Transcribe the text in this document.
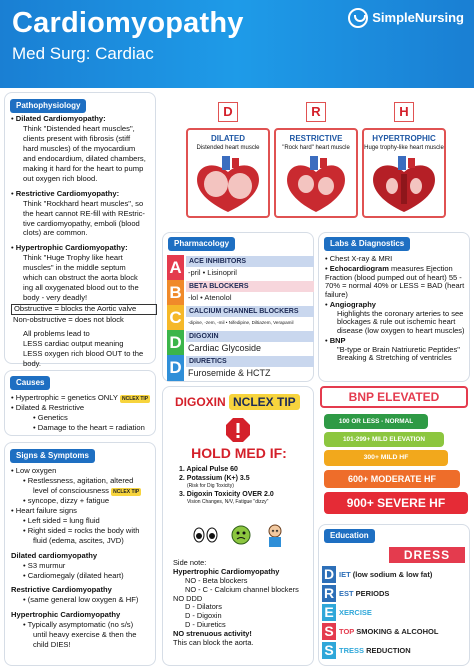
Cardiomyopathy
Med Surg: Cardiac
SimpleNursing
Pathophysiology
• Dilated Cardiomyopathy:
Think "Distended heart muscles",
clients present with fibrosis (stiff
hard muscles) of the myocardium
and endocardium, dilated chambers,
making it hard for the heart to pump
out oxygen rich blood.
• Restrictive Cardiomyopathy:
Think "Rockhard heart muscles", so
the heart cannot RE-fill with REstric-
tive cardiomyopathy, emboli (blood
clots) are common.
• Hypertrophic Cardiomyopathy:
Think "Huge Trophy like heart
muscles" in the middle septum
which can obstruct the aorta block
ing all oxygenated blood out to the
body - very deadly!
Obstructive = blocks the Aortic valve
Non-obstructive = does not block
All problems lead to
LESS cardiac output meaning
LESS oxygen rich blood OUT to the
body.
D	R	H
DILATED
Distended heart muscle
RESTRICTIVE
"Rock hard" heart muscle
HYPERTROPHIC
Huge trophy-like heart muscle
Causes
• Hypertrophic = genetics ONLY NCLEX TIP
• Dilated & Restrictive
• Genetics
• Damage to the heart = radiation
Signs & Symptoms
• Low oxygen
• Restlessness, agitation, altered
level of consciousness NCLEX TIP
• syncope, dizzy + fatigue
• Heart failure signs
• Left sided = lung fluid
• Right sided = rocks the body with
fluid (edema, ascites, JVD)
Dilated cardiomyopathy
• S3 murmur
• Cardiomegaly (dilated heart)
Restrictive Cardiomyopathy
• (same general low oxygen & HF)
Hypertrophic Cardiomyopathy
• Typically asymptomatic (no s/s)
until heavy exercise & then the
child DIES!
Pharmacology
A	ACE INHIBITORS
-pril • Lisinopril
B	BETA BLOCKERS
-lol • Atenolol
C	CALCIUM CHANNEL BLOCKERS
-dipine, -zem, -mil • Nifedipine, Diltiazem, Verapamil
D	DIGOXIN
Cardiac Glycoside
D	DIURETICS
Furosemide & HCTZ
DIGOXIN NCLEX TIP
HOLD MED IF:
1. Apical Pulse 60
2. Potassium (K+) 3.5
(Risk for Dig Toxicity)
3. Digoxin Toxicity OVER 2.0
Vision Changes, N/V, Fatigue "dizzy"
Side note:
Hypertrophic Cardiomyopathy
NO - Beta blockers
NO - C - Calcium channel blockers
NO DDD
D - Dilators
D - Digoxin
D - Diuretics
NO strenuous activity!
This can block the aorta.
Labs & Diagnostics
• Chest X-ray & MRI
• Echocardiogram measures Ejection Fraction (blood pumped out of heart) 55 - 70% = normal 40% or LESS = BAD (heart failure)
• Angiography

Highlights the coronary arteries to see blockages & rule out ischemic heart disease (low oxygen to heart muscles)
• BNP

"B-type or Brain Natriuretic Peptides" Breaking & Stretching of ventricles
BNP ELEVATED
100 OR LESS - NORMAL
101-299+ MILD ELEVATION
300+ MILD HF
600+ MODERATE HF
900+ SEVERE HF
Education
DRESS
D IET (low sodium & low fat)
R EST PERIODS
E XERCISE
S TOP SMOKING & ALCOHOL
S TRESS REDUCTION
